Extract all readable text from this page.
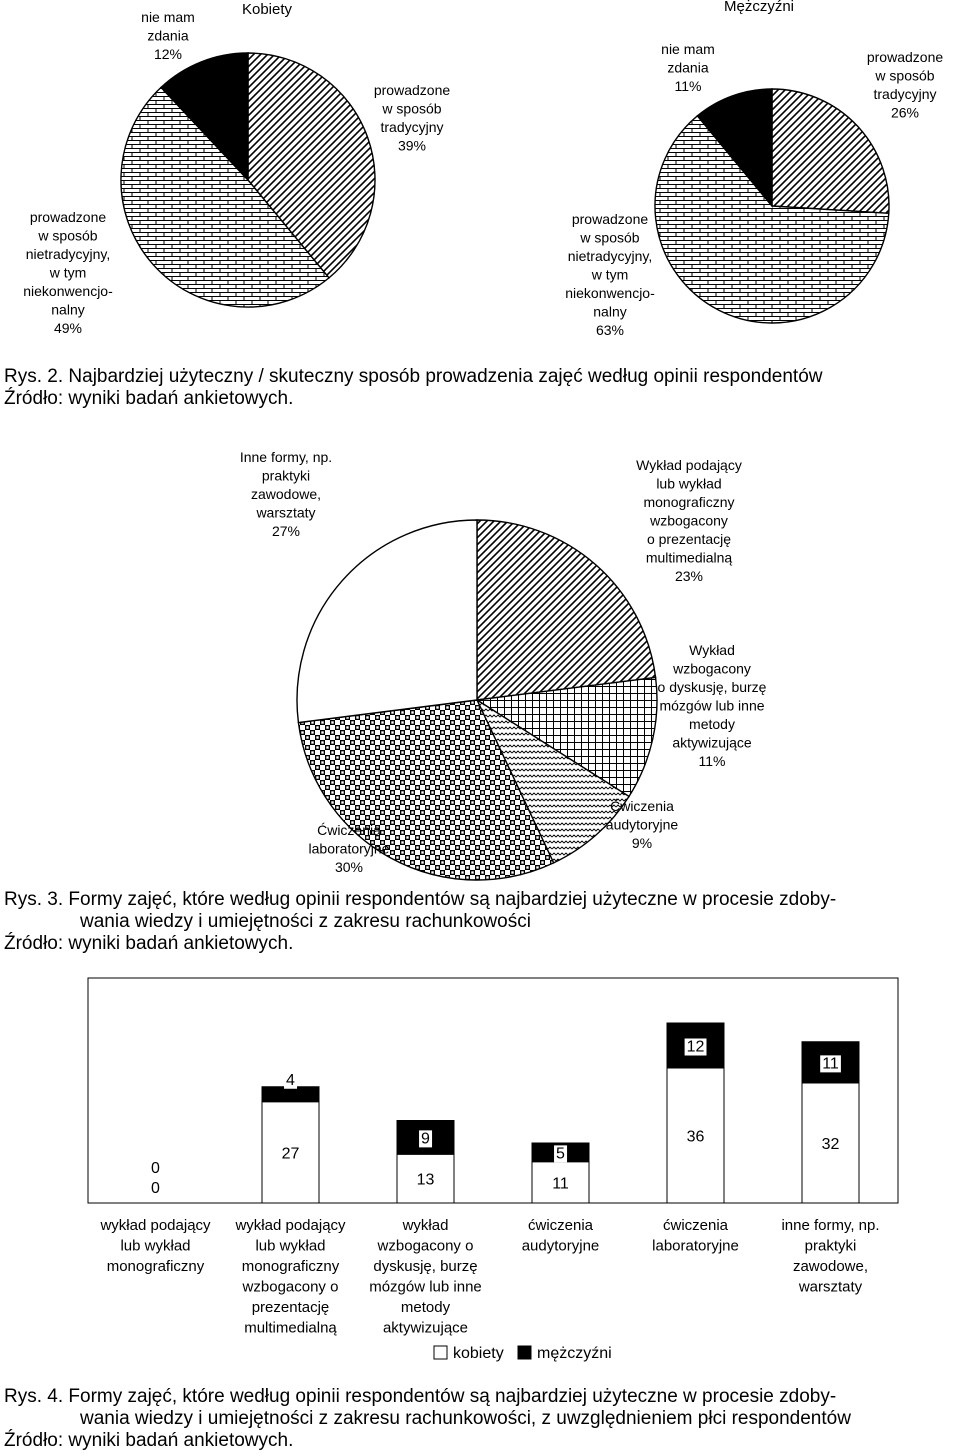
prowadzone w sposób tradycyjny 39%
prowadzone w sposób nietradycyjny, w tym niekonwencjo-nalny 49%
nie mam zdania 12%
Kobiety
prowadzone w sposób tradycyjny 26%
prowadzone w sposób nietradycyjny, w tym niekonwencjo-nalny 63%
nie mam zdania 11%
Mężczyźni
Wykład podający lub wykład monograficzny wzbogacony o prezentację multimedialną 23%
Wykład wzbogacony o dyskusję, burzę mózgów lub inne metody aktywizujące 11%
Ćwiczenia audytoryjne 9%
Ćwiczenia laboratoryjne 30%
Inne formy, np. praktyki zawodowe, warsztaty 27%
0
0
wykład podający lub wykład monograficzny
27
4
wykład podający lub wykład monograficzny wzbogacony o prezentację multimedialną
13
9
wykład wzbogacony o dyskusję, burzę mózgów lub inne metody aktywizujące
11
5
ćwiczenia audytoryjne
36
12
ćwiczenia laboratoryjne
32
11
inne formy, np. praktyki zawodowe, warsztaty
kobiety mężczyźni
Rys. 2. Najbardziej użyteczny / skuteczny sposób prowadzenia zajęć według opinii respondentów
Źródło: wyniki badań ankietowych.
Rys. 3. Formy zajęć, które według opinii respondentów są najbardziej użyteczne w procesie zdoby-
wania wiedzy i umiejętności z zakresu rachunkowości
Źródło: wyniki badań ankietowych.
Rys. 4. Formy zajęć, które według opinii respondentów są najbardziej użyteczne w procesie zdoby-
wania wiedzy i umiejętności z zakresu rachunkowości, z uwzględnieniem płci respondentów
Źródło: wyniki badań ankietowych.
